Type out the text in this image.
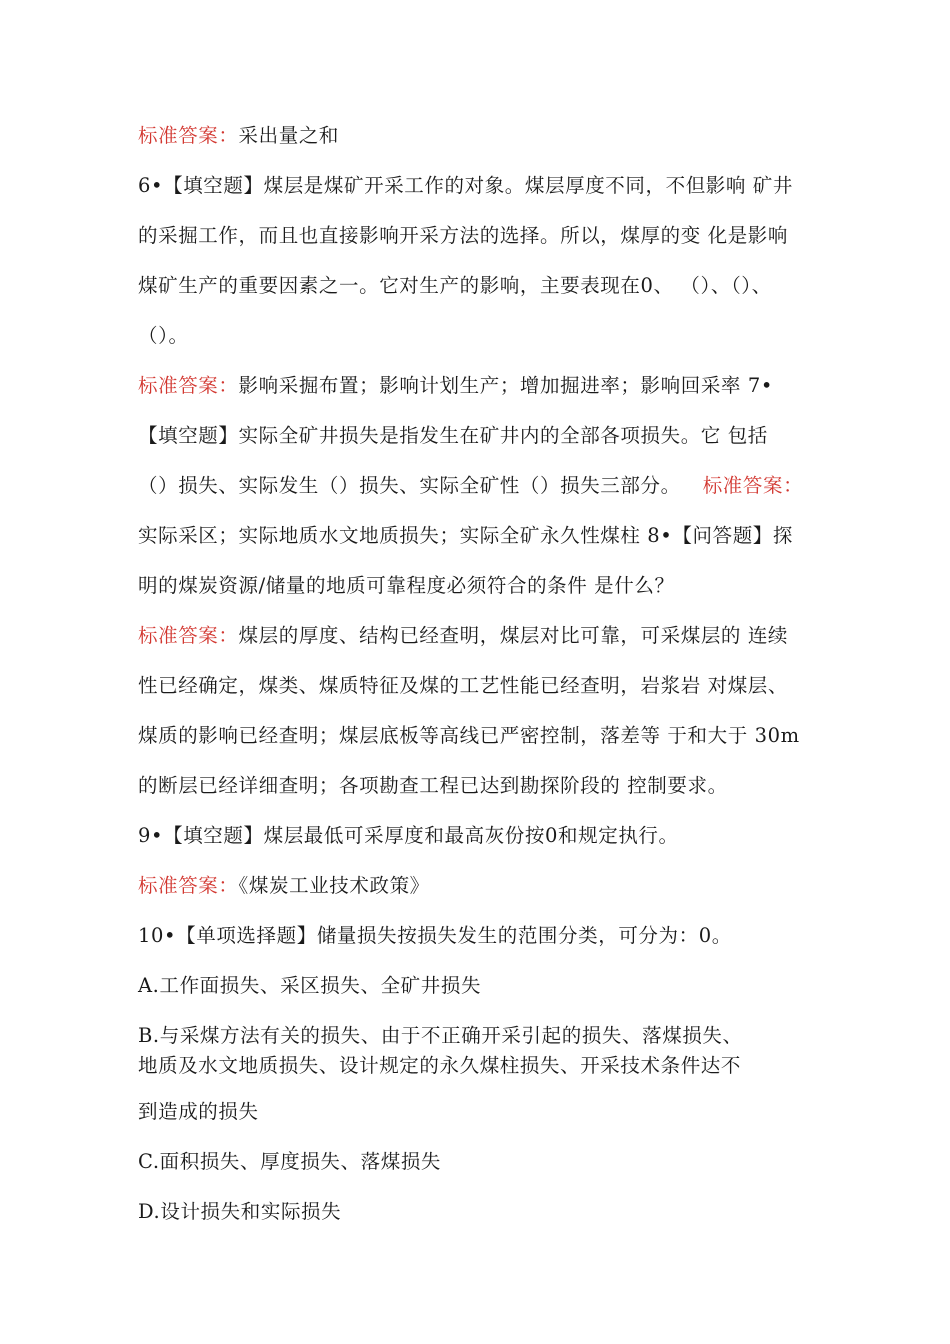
标准答案：采出量之和
6•【填空题】煤层是煤矿开采工作的对象。煤层厚度不同，不但影响 矿井
的采掘工作，而且也直接影响开采方法的选择。所以，煤厚的变 化是影响
煤矿生产的重要因素之一。它对生产的影响，主要表现在0、 （）、（）、
（）。
标准答案：影响采掘布置；影响计划生产；增加掘进率；影响回采率 7•
【填空题】实际全矿井损失是指发生在矿井内的全部各项损失。它 包括
（）损失、实际发生（）损失、实际全矿性（）损失三部分。 标准答案：
实际采区；实际地质水文地质损失；实际全矿永久性煤柱 8•【问答题】探
明的煤炭资源/储量的地质可靠程度必须符合的条件 是什么？
标准答案：煤层的厚度、结构已经查明，煤层对比可靠，可采煤层的 连续
性已经确定，煤类、煤质特征及煤的工艺性能已经查明，岩浆岩 对煤层、
煤质的影响已经查明；煤层底板等高线已严密控制，落差等 于和大于 30m
的断层已经详细查明；各项勘查工程已达到勘探阶段的 控制要求。
9•【填空题】煤层最低可采厚度和最高灰份按0和规定执行。
标准答案：《煤炭工业技术政策》
10•【单项选择题】储量损失按损失发生的范围分类，可分为：0。
A.工作面损失、采区损失、全矿井损失
B.与采煤方法有关的损失、由于不正确开采引起的损失、落煤损失、
地质及水文地质损失、设计规定的永久煤柱损失、开采技术条件达不
到造成的损失
C.面积损失、厚度损失、落煤损失
D.设计损失和实际损失
